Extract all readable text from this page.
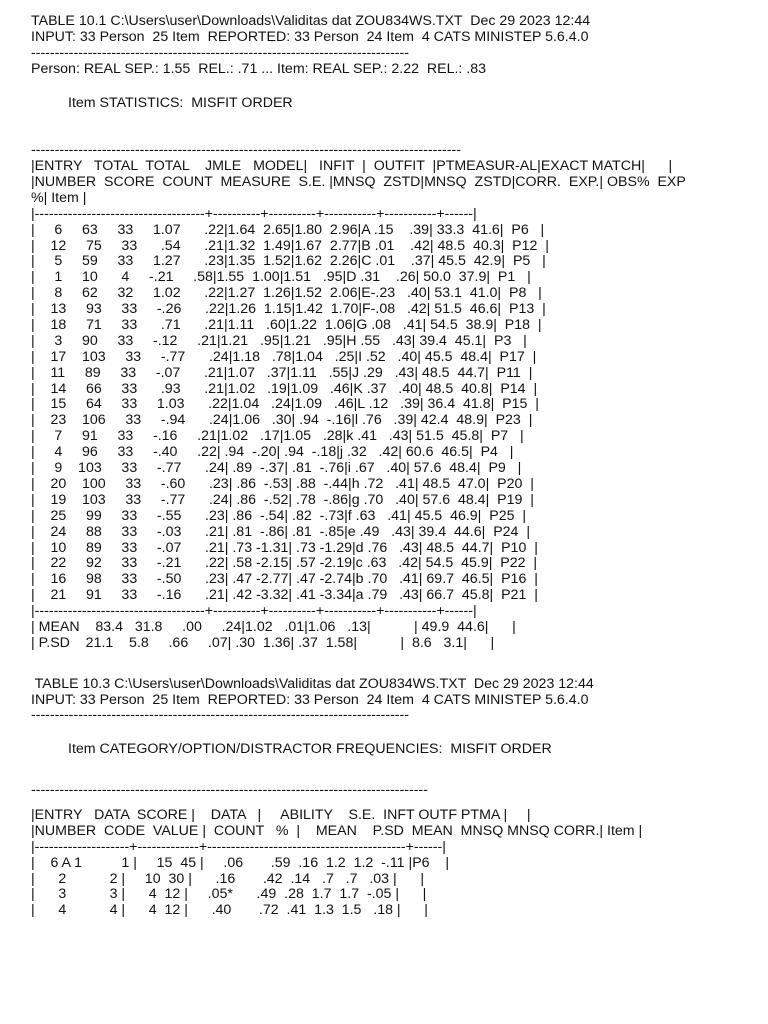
TABLE 10.1 C:\Users\user\Downloads\Validitas dat ZOU834WS.TXT  Dec 29 2023 12:44
INPUT: 33 Person  25 Item  REPORTED: 33 Person  24 Item  4 CATS MINISTEP 5.6.4.0
--------------------------------------------------------------------------------
Person: REAL SEP.: 1.55  REL.: .71 ... Item: REAL SEP.: 2.22  REL.: .83
Item STATISTICS:  MISFIT ORDER
-------------------------------------------------------------------------------------------
|ENTRY   TOTAL  TOTAL    JMLE   MODEL|   INFIT  |  OUTFIT  |PTMEASUR-AL|EXACT MATCH|      |
|NUMBER  SCORE  COUNT  MEASURE  S.E. |MNSQ  ZSTD|MNSQ  ZSTD|CORR.  EXP.| OBS%  EXP
%| Item |
|------------------------------------+----------+----------+-----------+-----------+------|
|     6     63     33     1.07      .22|1.64  2.65|1.80  2.96|A .15    .39| 33.3  41.6|  P6   |
|    12     75     33      .54      .21|1.32  1.49|1.67  2.77|B .01    .42| 48.5  40.3|  P12  |
|     5     59     33     1.27      .23|1.35  1.52|1.62  2.26|C .01    .37| 45.5  42.9|  P5   |
|     1     10      4     -.21     .58|1.55  1.00|1.51   .95|D .31    .26| 50.0  37.9|  P1   |
|     8     62     32     1.02      .22|1.27  1.26|1.52  2.06|E-.23   .40| 53.1  41.0|  P8   |
|    13     93     33     -.26      .22|1.26  1.15|1.42  1.70|F-.08   .42| 51.5  46.6|  P13  |
|    18     71     33      .71      .21|1.11   .60|1.22  1.06|G .08   .41| 54.5  38.9|  P18  |
|     3     90     33     -.12     .21|1.21   .95|1.21   .95|H .55   .43| 39.4  45.1|  P3   |
|    17    103     33     -.77      .24|1.18   .78|1.04   .25|I .52   .40| 45.5  48.4|  P17  |
|    11     89     33     -.07      .21|1.07   .37|1.11   .55|J .29   .43| 48.5  44.7|  P11  |
|    14     66     33      .93      .21|1.02   .19|1.09   .46|K .37   .40| 48.5  40.8|  P14  |
|    15     64     33     1.03      .22|1.04   .24|1.09   .46|L .12   .39| 36.4  41.8|  P15  |
|    23    106     33     -.94      .24|1.06   .30| .94  -.16|l .76   .39| 42.4  48.9|  P23  |
|     7     91     33     -.16     .21|1.02   .17|1.05   .28|k .41   .43| 51.5  45.8|  P7   |
|     4     96     33     -.40     .22| .94  -.20| .94  -.18|j .32   .42| 60.6  46.5|  P4   |
|     9    103     33     -.77      .24| .89  -.37| .81  -.76|i .67   .40| 57.6  48.4|  P9   |
|    20    100     33     -.60      .23| .86  -.53| .88  -.44|h .72   .41| 48.5  47.0|  P20  |
|    19    103     33     -.77      .24| .86  -.52| .78  -.86|g .70   .40| 57.6  48.4|  P19  |
|    25     99     33     -.55      .23| .86  -.54| .82  -.73|f .63   .41| 45.5  46.9|  P25  |
|    24     88     33     -.03      .21| .81  -.86| .81  -.85|e .49   .43| 39.4  44.6|  P24  |
|    10     89     33     -.07      .21| .73 -1.31| .73 -1.29|d .76   .43| 48.5  44.7|  P10  |
|    22     92     33     -.21      .22| .58 -2.15| .57 -2.19|c .63   .42| 54.5  45.9|  P22  |
|    16     98     33     -.50      .23| .47 -2.77| .47 -2.74|b .70   .41| 69.7  46.5|  P16  |
|    21     91     33     -.16      .21| .42 -3.32| .41 -3.34|a .79   .43| 66.7  45.8|  P21  |
|------------------------------------+----------+----------+-----------+-----------+------|
| MEAN    83.4   31.8     .00     .24|1.02   .01|1.06   .13|           | 49.9  44.6|      |
| P.SD    21.1    5.8     .66     .07| .30  1.36| .37  1.58|           |  8.6   3.1|      |
TABLE 10.3 C:\Users\user\Downloads\Validitas dat ZOU834WS.TXT  Dec 29 2023 12:44
INPUT: 33 Person  25 Item  REPORTED: 33 Person  24 Item  4 CATS MINISTEP 5.6.4.0
--------------------------------------------------------------------------------
Item CATEGORY/OPTION/DISTRACTOR FREQUENCIES:  MISFIT ORDER
------------------------------------------------------------------------------------
|ENTRY   DATA  SCORE |    DATA   |     ABILITY    S.E.  INFT OUTF PTMA |     |
|NUMBER  CODE  VALUE |  COUNT   %  |    MEAN    P.SD  MEAN  MNSQ MNSQ CORR.| Item |
|--------------------+-------------+------------------------------------------+------|
|    6 A 1          1 |     15  45 |     .06       .59  .16  1.2  1.2  -.11 |P6    |
|      2           2 |     10  30 |      .16       .42  .14   .7   .7   .03 |      |
|      3           3 |      4  12 |     .05*      .49  .28  1.7  1.7  -.05 |      |
|      4           4 |      4  12 |      .40       .72  .41  1.3  1.5   .18 |      |
